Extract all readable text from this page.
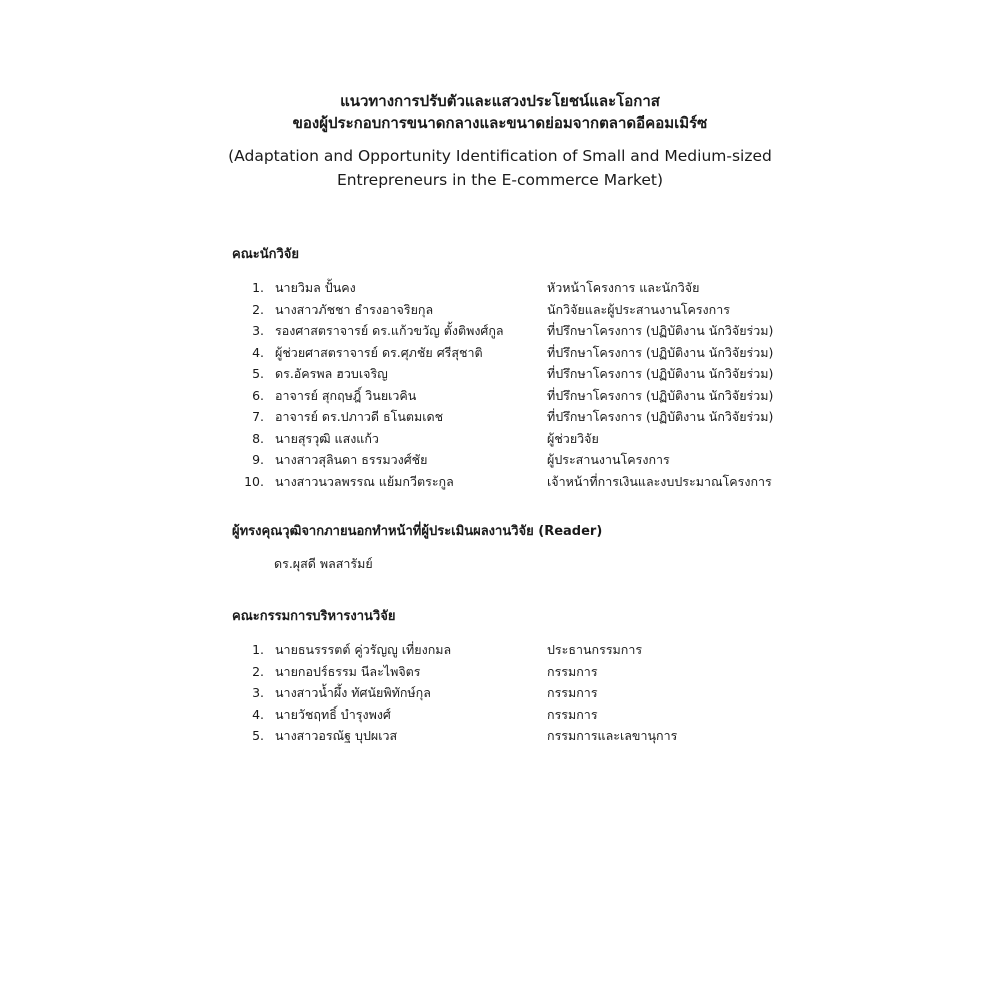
แนวทางการปรับตัวและแสวงประโยชน์และโอกาส
ของผู้ประกอบการขนาดกลางและขนาดย่อมจากตลาดอีคอมเมิร์ซ
(Adaptation and Opportunity Identification of Small and Medium-sized
Entrepreneurs in the E-commerce Market)
คณะนักวิจัย
1. นายวิมล ปั้นคง	หัวหน้าโครงการ และนักวิจัย
2. นางสาวภัชชา ธำรงอาจริยกุล	นักวิจัยและผู้ประสานงานโครงการ
3. รองศาสตราจารย์ ดร.แก้วขวัญ ตั้งติพงศ์กูล	ที่ปรึกษาโครงการ (ปฏิบัติงาน นักวิจัยร่วม)
4. ผู้ช่วยศาสตราจารย์ ดร.ศุภชัย ศรีสุชาติ	ที่ปรึกษาโครงการ (ปฏิบัติงาน นักวิจัยร่วม)
5. ดร.อัครพล ฮวบเจริญ	ที่ปรึกษาโครงการ (ปฏิบัติงาน นักวิจัยร่วม)
6. อาจารย์ สุกฤษฎิ์ วินยเวคิน	ที่ปรึกษาโครงการ (ปฏิบัติงาน นักวิจัยร่วม)
7. อาจารย์ ดร.ปภาวดี ธโนตมเดช	ที่ปรึกษาโครงการ (ปฏิบัติงาน นักวิจัยร่วม)
8. นายสุรวุฒิ แสงแก้ว	ผู้ช่วยวิจัย
9. นางสาวสุลินดา ธรรมวงศ์ชัย	ผู้ประสานงานโครงการ
10. นางสาวนวลพรรณ แย้มกวีตระกูล	เจ้าหน้าที่การเงินและงบประมาณโครงการ
ผู้ทรงคุณวุฒิจากภายนอกทำหน้าที่ผู้ประเมินผลงานวิจัย (Reader)
ดร.ผุสดี พลสารัมย์
คณะกรรมการบริหารงานวิจัย
1. นายธนรรรตต์ คู่วรัญญู เที่ยงกมล	ประธานกรรมการ
2. นายกอปร์ธรรม นีละไพจิตร	กรรมการ
3. นางสาวน้ำผึ้ง ทัศนัยพิทักษ์กุล	กรรมการ
4. นายวัชฤทธิ์ บำรุงพงศ์	กรรมการ
5. นางสาวอรณัฐ บุปผเวส	กรรมการและเลขานุการ
